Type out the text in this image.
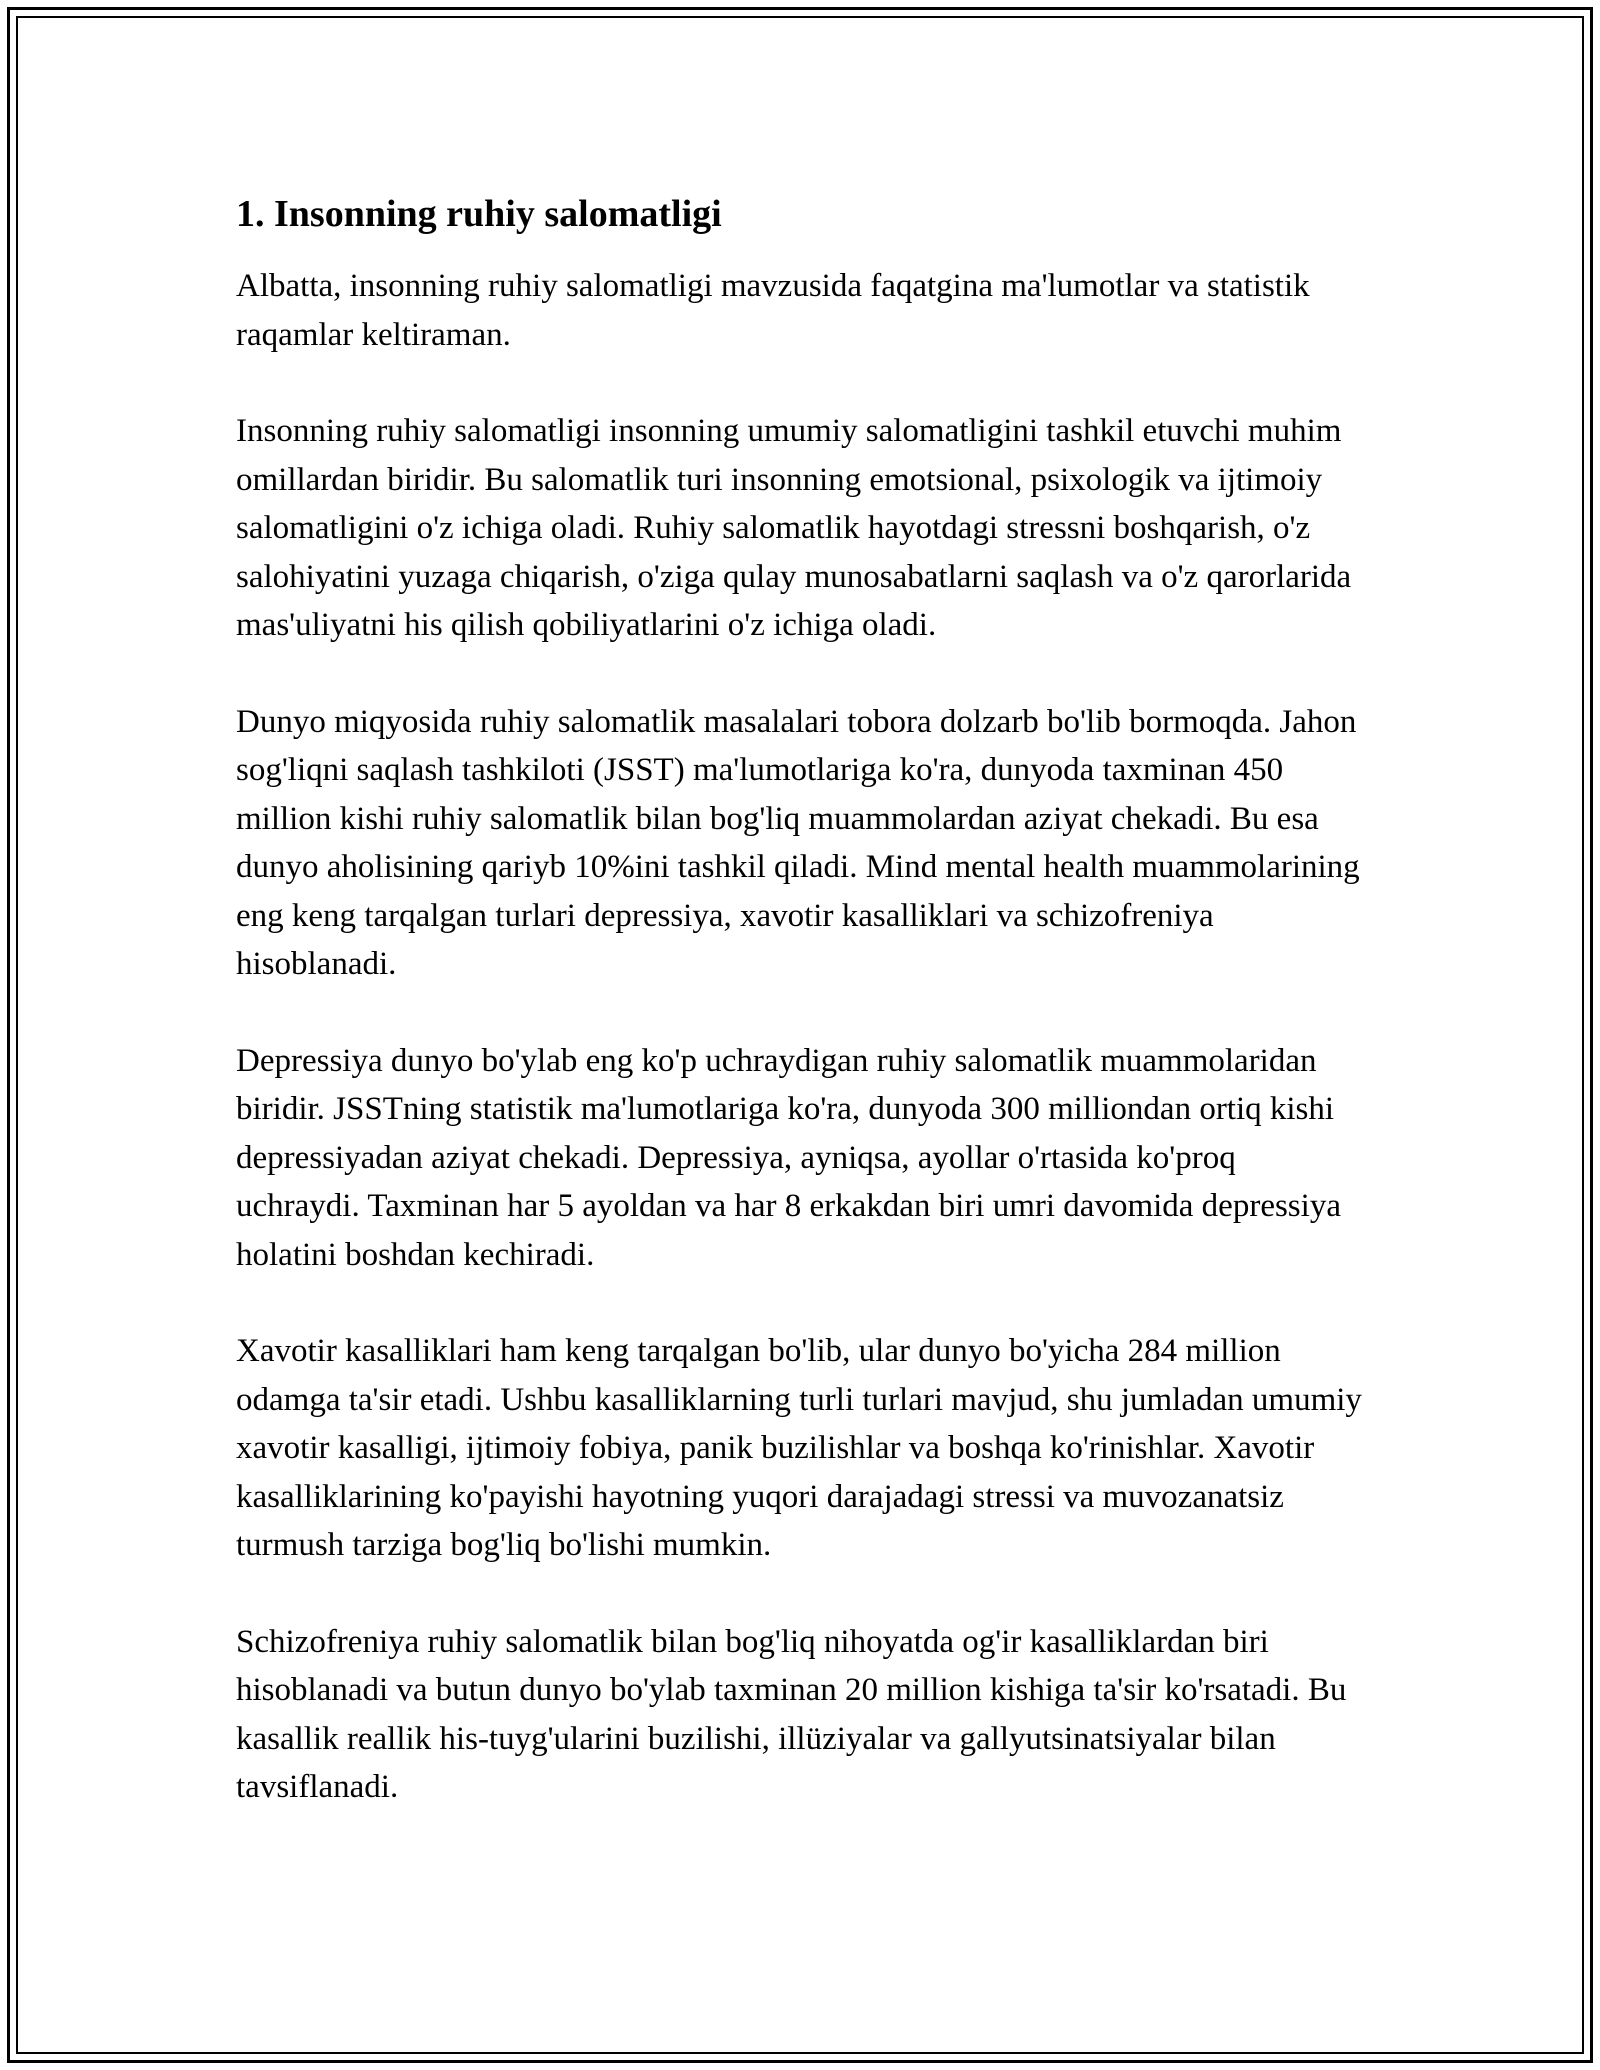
1. Insonning ruhiy salomatligi

Albatta, insonning ruhiy salomatligi mavzusida faqatgina ma'lumotlar va statistik raqamlar keltiraman.

Insonning ruhiy salomatligi insonning umumiy salomatligini tashkil etuvchi muhim omillardan biridir. Bu salomatlik turi insonning emotsional, psixologik va ijtimoiy salomatligini o'z ichiga oladi. Ruhiy salomatlik hayotdagi stressni boshqarish, o'z salohiyatini yuzaga chiqarish, o'ziga qulay munosabatlarni saqlash va o'z qarorlarida mas'uliyatni his qilish qobiliyatlarini o'z ichiga oladi.

Dunyo miqyosida ruhiy salomatlik masalalari tobora dolzarb bo'lib bormoqda. Jahon sog'liqni saqlash tashkiloti (JSST) ma'lumotlariga ko'ra, dunyoda taxminan 450 million kishi ruhiy salomatlik bilan bog'liq muammolardan aziyat chekadi. Bu esa dunyo aholisining qariyb 10%ini tashkil qiladi. Mind mental health muammolarining eng keng tarqalgan turlari depressiya, xavotir kasalliklari va schizofreniya hisoblanadi.

Depressiya dunyo bo'ylab eng ko'p uchraydigan ruhiy salomatlik muammolaridan biridir. JSSTning statistik ma'lumotlariga ko'ra, dunyoda 300 milliondan ortiq kishi depressiyadan aziyat chekadi. Depressiya, ayniqsa, ayollar o'rtasida ko'proq uchraydi. Taxminan har 5 ayoldan va har 8 erkakdan biri umri davomida depressiya holatini boshdan kechiradi.

Xavotir kasalliklari ham keng tarqalgan bo'lib, ular dunyo bo'yicha 284 million odamga ta'sir etadi. Ushbu kasalliklarning turli turlari mavjud, shu jumladan umumiy xavotir kasalligi, ijtimoiy fobiya, panik buzilishlar va boshqa ko'rinishlar. Xavotir kasalliklarining ko'payishi hayotning yuqori darajadagi stressi va muvozanatsiz turmush tarziga bog'liq bo'lishi mumkin.

Schizofreniya ruhiy salomatlik bilan bog'liq nihoyatda og'ir kasalliklardan biri hisoblanadi va butun dunyo bo'ylab taxminan 20 million kishiga ta'sir ko'rsatadi. Bu kasallik reallik his-tuyg'ularini buzilishi, illüziyalar va gallyutsinatsiyalar bilan tavsiflanadi.
